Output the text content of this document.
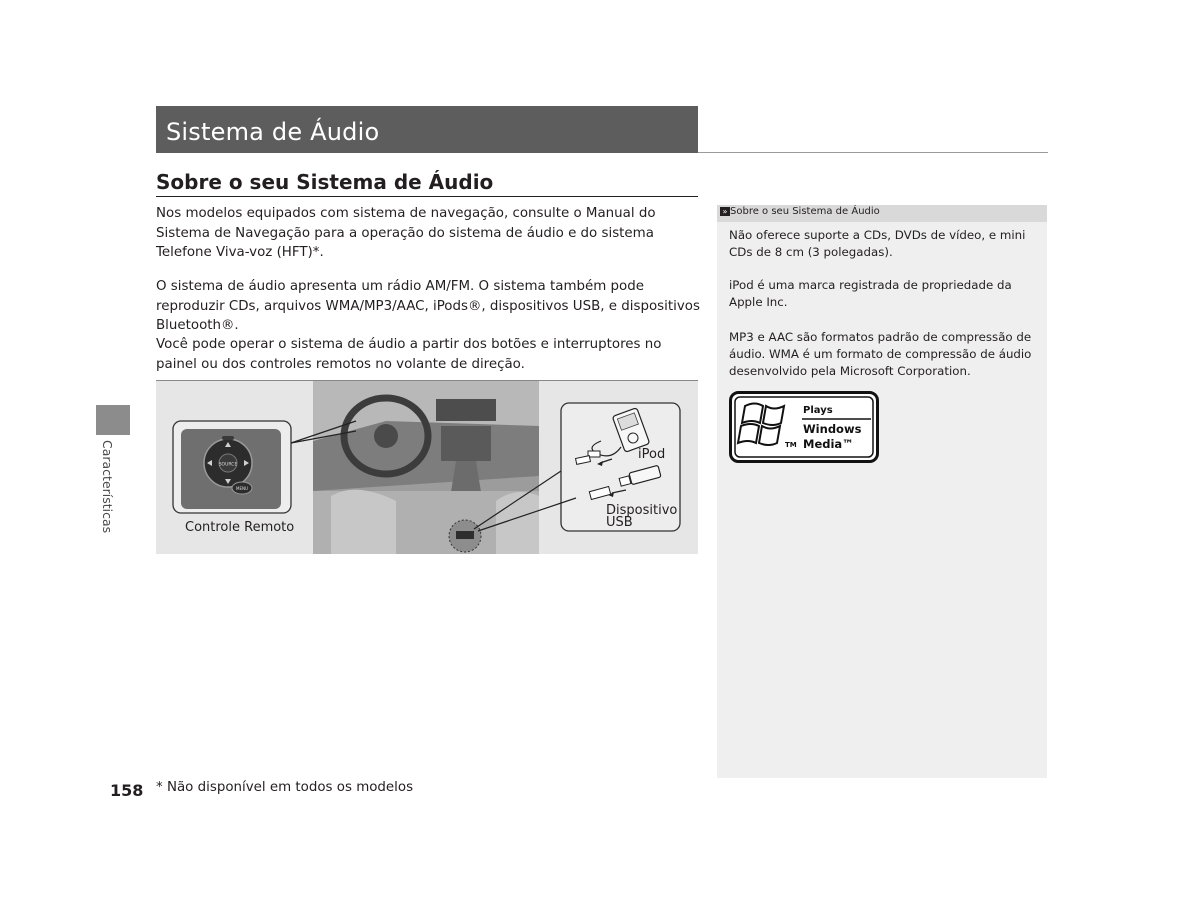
Sistema de Áudio
Sobre o seu Sistema de Áudio
Nos modelos equipados com sistema de navegação, consulte o Manual do Sistema de Navegação para a operação do sistema de áudio e do sistema Telefone Viva-voz (HFT)*.
O sistema de áudio apresenta um rádio AM/FM. O sistema também pode reproduzir CDs, arquivos WMA/MP3/AAC, iPods®, dispositivos USB, e dispositivos Bluetooth®.
Você pode operar o sistema de áudio a partir dos botões e interruptores no painel ou dos controles remotos no volante de direção.
Características	SOURCE
MENU
Controle Remoto
iPod
Dispositivo
USB
» Sobre o seu Sistema de Áudio
Não oferece suporte a CDs, DVDs de vídeo, e mini CDs de 8 cm (3 polegadas).
iPod é uma marca registrada de propriedade da Apple Inc.
MP3 e AAC são formatos padrão de compressão de áudio. WMA é um formato de compressão de áudio desenvolvido pela Microsoft Corporation.
TM
Plays
Windows
Media™
158 * Não disponível em todos os modelos
